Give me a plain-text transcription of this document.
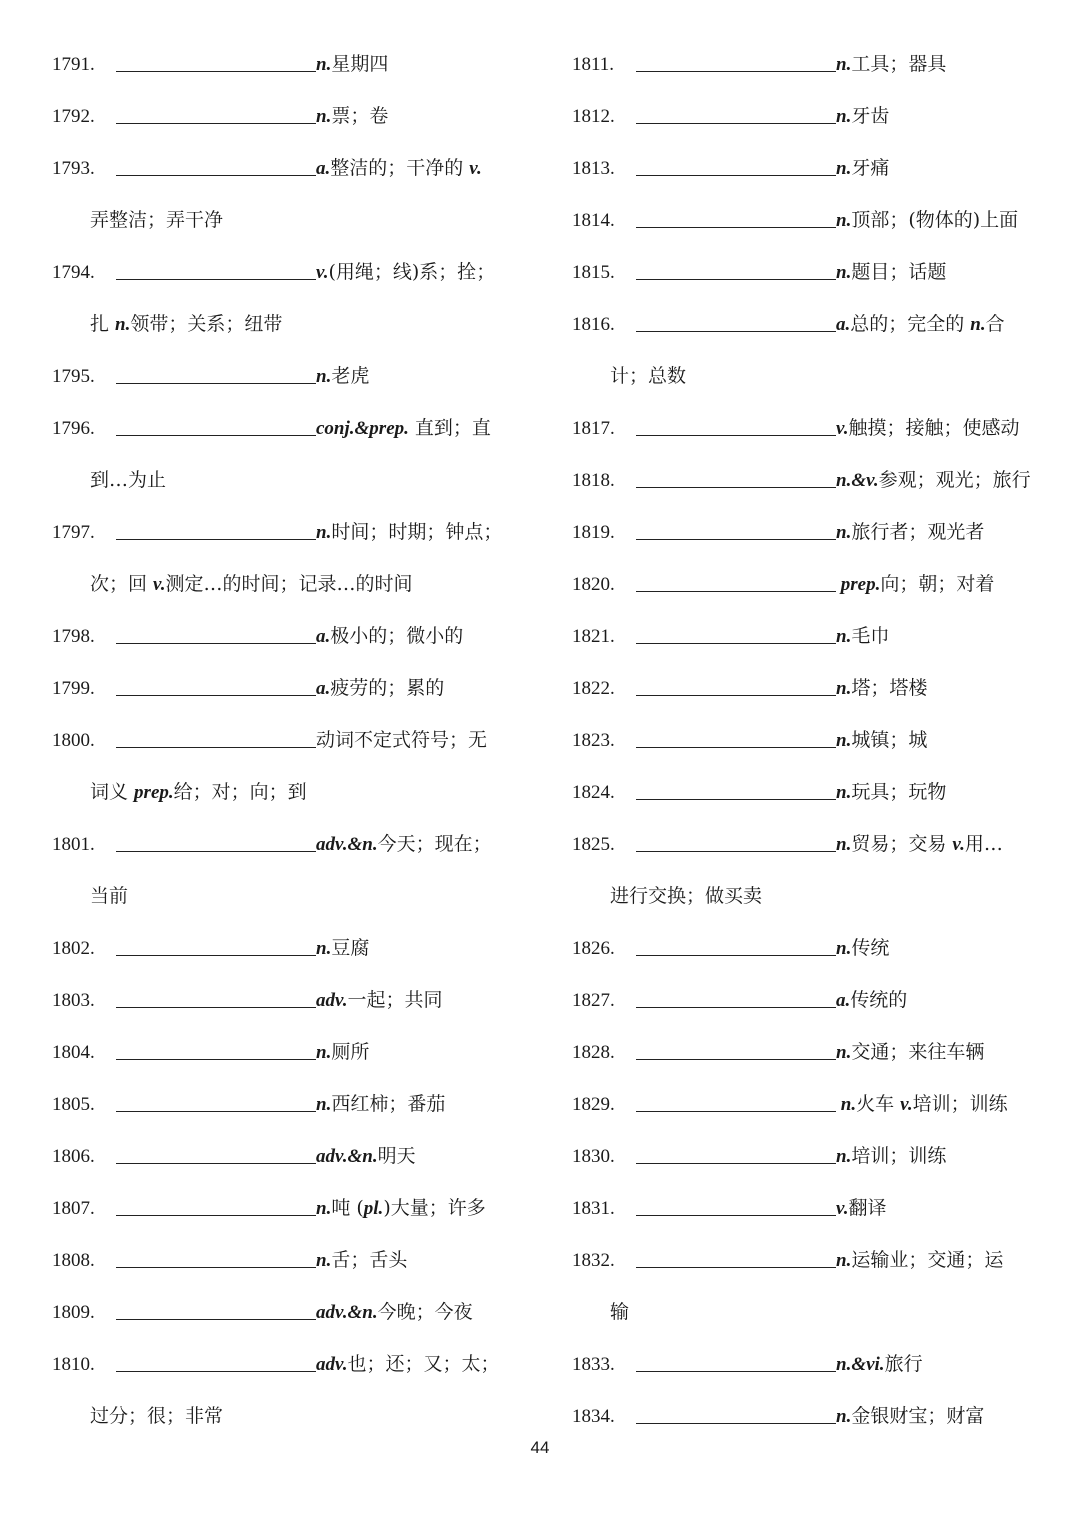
1791.	n.星期四
1792.	n.票；卷
1793.	a.整洁的；干净的 v.
弄整洁；弄干净
1794.	v.(用绳；线)系；拴；
扎 n.领带；关系；纽带
1795.	n.老虎
1796.	conj.&prep. 直到；直
到…为止
1797.	n.时间；时期；钟点；
次；回 v.测定…的时间；记录…的时间
1798.	a.极小的；微小的
1799.	a.疲劳的；累的
1800.	动词不定式符号；无
词义 prep.给；对；向；到
1801.	adv.&n.今天；现在；
当前
1802.	n.豆腐
1803.	adv.一起；共同
1804.	n.厕所
1805.	n.西红柿；番茄
1806.	adv.&n.明天
1807.	n.吨 (pl.)大量；许多
1808.	n.舌；舌头
1809.	adv.&n.今晚；今夜
1810.	adv.也；还；又；太；
过分；很；非常
1811.	n.工具；器具
1812.	n.牙齿
1813.	n.牙痛
1814.	n.顶部；(物体的)上面
1815.	n.题目；话题
1816.	a.总的；完全的 n.合
计；总数
1817.	v.触摸；接触；使感动
1818.	n.&v.参观；观光；旅行
1819.	n.旅行者；观光者
1820.	prep.向；朝；对着
1821.	n.毛巾
1822.	n.塔；塔楼
1823.	n.城镇；城
1824.	n.玩具；玩物
1825.	n.贸易；交易 v.用…
进行交换；做买卖
1826.	n.传统
1827.	a.传统的
1828.	n.交通；来往车辆
1829.	n.火车 v.培训；训练
1830.	n.培训；训练
1831.	v.翻译
1832.	n.运输业；交通；运
输
1833.	n.&vi.旅行
1834.	n.金银财宝；财富
44
